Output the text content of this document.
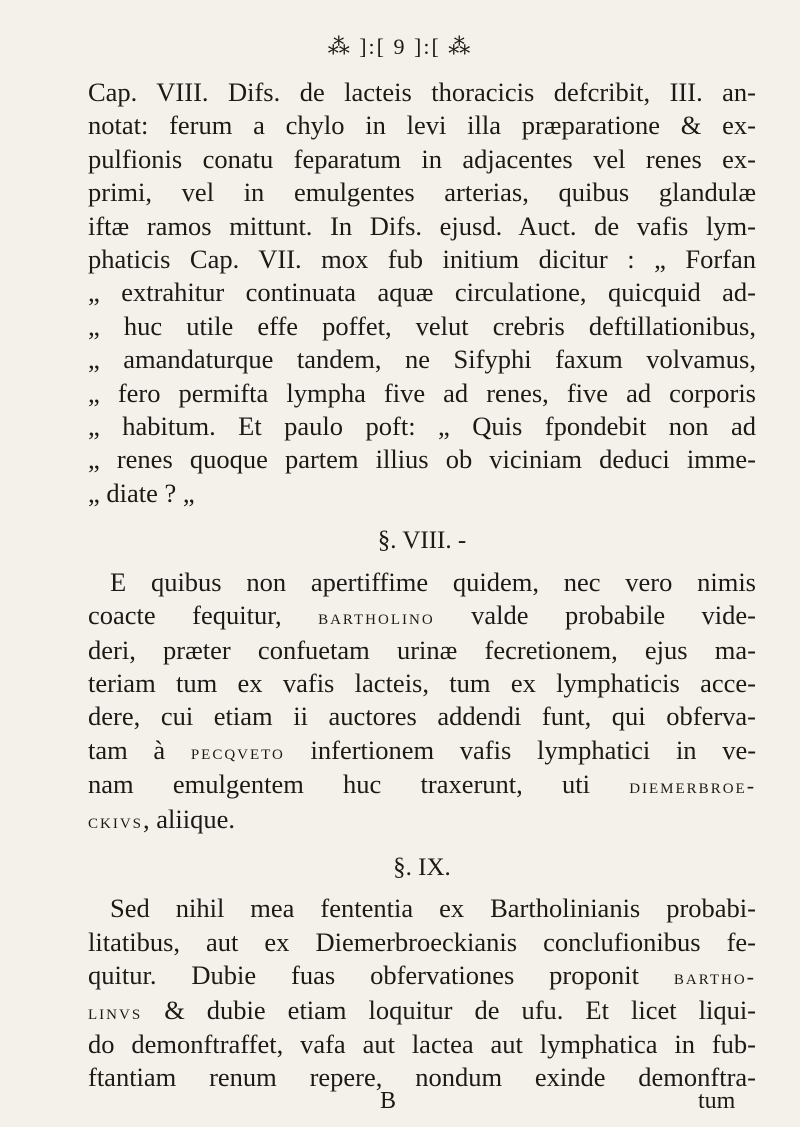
⁂ ]:[ 9 ]:[ ⁂
Cap. VIII. Difs. de lacteis thoracicis defcribit, III. an-
notat: ferum a chylo in levi illa præparatione & ex-
pulfionis conatu feparatum in adjacentes vel renes ex-
primi, vel in emulgentes arterias, quibus glandulæ
iftæ ramos mittunt. In Difs. ejusd. Auct. de vafis lym-
phaticis Cap. VII. mox fub initium dicitur : „ Forfan
„ extrahitur continuata aquæ circulatione, quicquid ad-
„ huc utile effe poffet, velut crebris deftillationibus,
„ amandaturque tandem, ne Sifyphi faxum volvamus,
„ fero permifta lympha five ad renes, five ad corporis
„ habitum. Et paulo poft: „ Quis fpondebit non ad
„ renes quoque partem illius ob viciniam deduci imme-
„ diate ? „
§. VIII. -
E quibus non apertiffime quidem, nec vero nimis
coacte fequitur, bartholino valde probabile vide-
deri, præter confuetam urinæ fecretionem, ejus ma-
teriam tum ex vafis lacteis, tum ex lymphaticis acce-
dere, cui etiam ii auctores addendi funt, qui obferva-
tam à pecqveto infertionem vafis lymphatici in ve-
nam emulgentem huc traxerunt, uti diemerbroe-
ckivs, aliique.
§. IX.
Sed nihil mea fententia ex Bartholinianis probabi-
litatibus, aut ex Diemerbroeckianis conclufionibus fe-
quitur. Dubie fuas obfervationes proponit bartho-
linvs & dubie etiam loquitur de ufu. Et licet liqui-
do demonftraffet, vafa aut lactea aut lymphatica in fub-
ftantiam renum repere, nondum exinde demonftra-
B	tum
